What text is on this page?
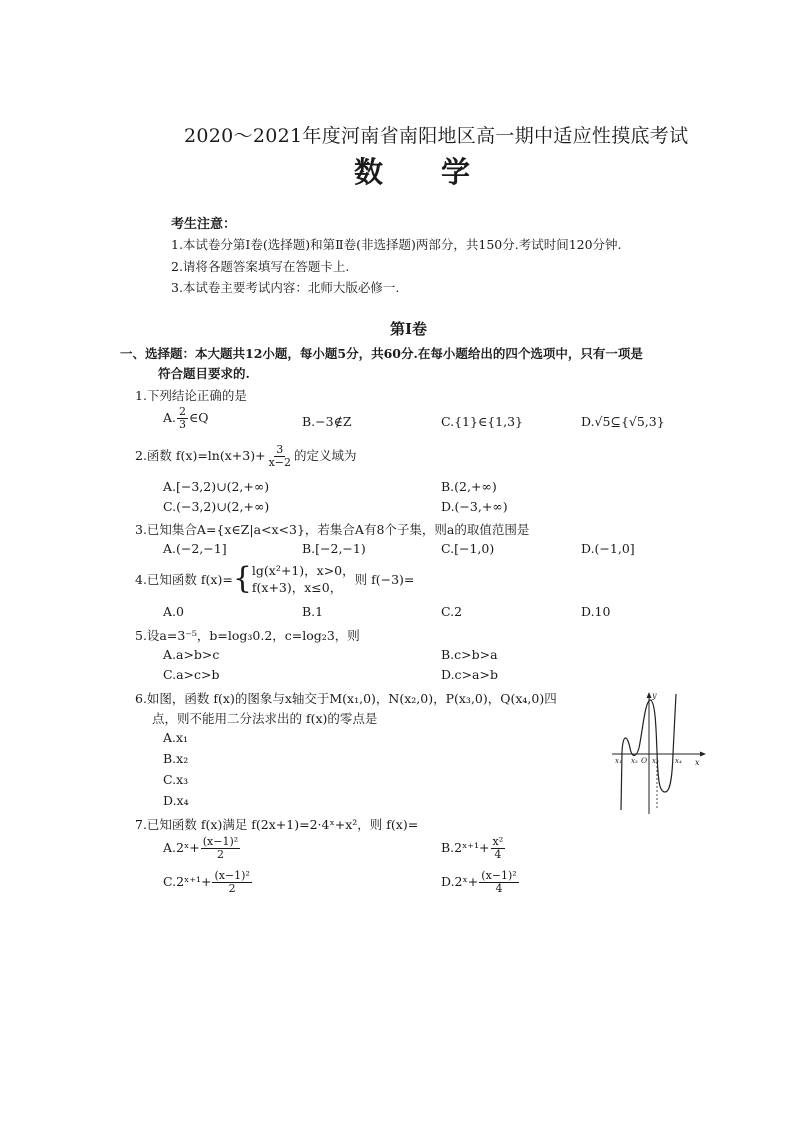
2020～2021年度河南省南阳地区高一期中适应性摸底考试
数　　学
考生注意：
1.本试卷分第Ⅰ卷(选择题)和第Ⅱ卷(非选择题)两部分，共150分.考试时间120分钟.
2.请将各题答案填写在答题卡上.
3.本试卷主要考试内容：北师大版必修一.
第Ⅰ卷
一、选择题：本大题共12小题，每小题5分，共60分.在每小题给出的四个选项中，只有一项是
符合题目要求的.
1.下列结论正确的是
A. $\frac{2}{3}$ ∈Q	B.−3∉Z	C.{1}∈{1,3}	D.√5⊆{√5,3}
2.函数 $f(x)=\ln(x+3)+ \frac{3}{x-2}$ 的定义域为
A.[−3,2)∪(2,+∞)	B.(2,+∞)
C.(−3,2)∪(2,+∞)	D.(−3,+∞)
3.已知集合A={x∈Z|a<x<3}，若集合A有8个子集，则a的取值范围是
A.(−2,−1]	B.[−2,−1)	C.[−1,0)	D.(−1,0]
4.已知函数 f(x)={ lg(x²+1)，x>0，
f(x+3)，x≤0，
则 f(−3)=
A.0	B.1	C.2	D.10
5.设a=3⁻⁵，b=log₃0.2，c=log₂3，则
A.a>b>c	B.c>b>a
C.a>c>b	D.c>a>b
6.如图，函数 f(x)的图象与x轴交于M(x₁,0)，N(x₂,0)，P(x₃,0)，Q(x₄,0)四
点，则不能用二分法求出的 f(x)的零点是
A.x₁
B.x₂
C.x₃
D.x₄
y
x
O
x₁ x₂ x₃ x₄
7.已知函数 f(x)满足 f(2x+1)=2·4ˣ+x²，则 f(x)=
A.2ˣ+ $\frac{\text{(x−1)²}}{2}$	B.2ˣ⁺¹+ $\frac{\text{x²}}{4}$
C.2ˣ⁺¹+ $\frac{\text{(x−1)²}}{2}$	D.2ˣ+ $\frac{\text{(x−1)²}}{4}$
